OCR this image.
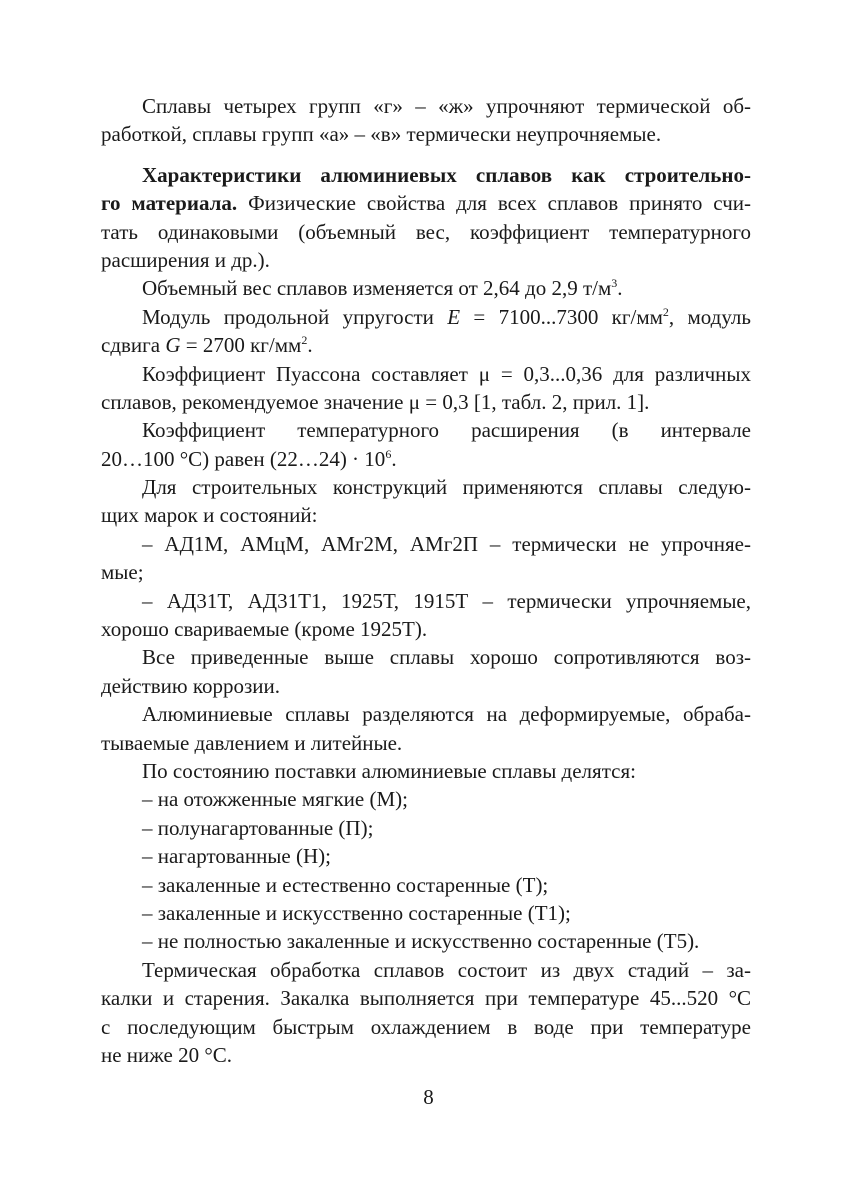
Сплавы четырех групп «г» – «ж» упрочняют термической об-
работкой, сплавы групп «а» – «в» термически неупрочняемые.
Характеристики алюминиевых сплавов как строительно-
го материала. Физические свойства для всех сплавов принято счи-
тать одинаковыми (объемный вес, коэффициент температурного
расширения и др.).
Объемный вес сплавов изменяется от 2,64 до 2,9 $т/м^3$.
Модуль продольной упругости E = 7100...7300 $кг/мм^2$, модуль
сдвига G = 2700 $кг/мм^2$.
Коэффициент Пуассона составляет μ = 0,3...0,36 для различных
сплавов, рекомендуемое значение μ = 0,3 [1, табл. 2, прил. 1].
Коэффициент температурного расширения (в интервале
20…100 °С) равен (22…24) · $10^6$.
Для строительных конструкций применяются сплавы следую-
щих марок и состояний:
– АД1М, АМцМ, АМг2М, АМг2П – термически не упрочняе-
мые;
– АД31Т, АД31Т1, 1925Т, 1915Т – термически упрочняемые,
хорошо свариваемые (кроме 1925Т).
Все приведенные выше сплавы хорошо сопротивляются воз-
действию коррозии.
Алюминиевые сплавы разделяются на деформируемые, обраба-
тываемые давлением и литейные.
По состоянию поставки алюминиевые сплавы делятся:
– на отожженные мягкие (М);
– полунагартованные (П);
– нагартованные (Н);
– закаленные и естественно состаренные (Т);
– закаленные и искусственно состаренные (Т1);
– не полностью закаленные и искусственно состаренные (Т5).
Термическая обработка сплавов состоит из двух стадий – за-
калки и старения. Закалка выполняется при температуре 45...520 °С
с последующим быстрым охлаждением в воде при температуре
не ниже 20 °С.
8
